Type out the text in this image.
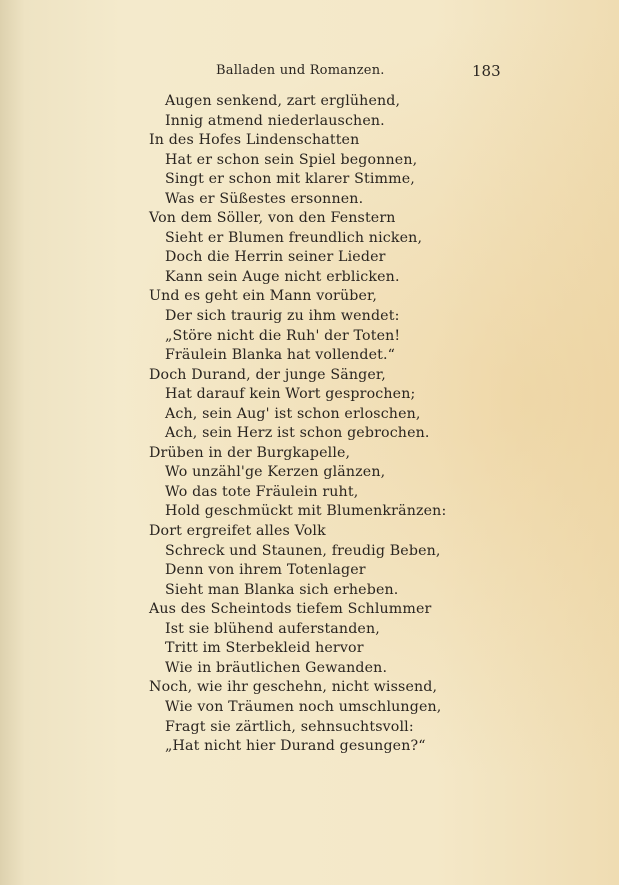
Balladen und Romanzen.	183
Augen senkend, zart erglühend,
Innig atmend niederlauschen.
In des Hofes Lindenschatten
Hat er schon sein Spiel begonnen,
Singt er schon mit klarer Stimme,
Was er Süßestes ersonnen.
Von dem Söller, von den Fenstern
Sieht er Blumen freundlich nicken,
Doch die Herrin seiner Lieder
Kann sein Auge nicht erblicken.
Und es geht ein Mann vorüber,
Der sich traurig zu ihm wendet:
„Störe nicht die Ruh' der Toten!
Fräulein Blanka hat vollendet.“
Doch Durand, der junge Sänger,
Hat darauf kein Wort gesprochen;
Ach, sein Aug' ist schon erloschen,
Ach, sein Herz ist schon gebrochen.
Drüben in der Burgkapelle,
Wo unzähl'ge Kerzen glänzen,
Wo das tote Fräulein ruht,
Hold geschmückt mit Blumenkränzen:
Dort ergreifet alles Volk
Schreck und Staunen, freudig Beben,
Denn von ihrem Totenlager
Sieht man Blanka sich erheben.
Aus des Scheintods tiefem Schlummer
Ist sie blühend auferstanden,
Tritt im Sterbekleid hervor
Wie in bräutlichen Gewanden.
Noch, wie ihr geschehn, nicht wissend,
Wie von Träumen noch umschlungen,
Fragt sie zärtlich, sehnsuchtsvoll:
„Hat nicht hier Durand gesungen?“
